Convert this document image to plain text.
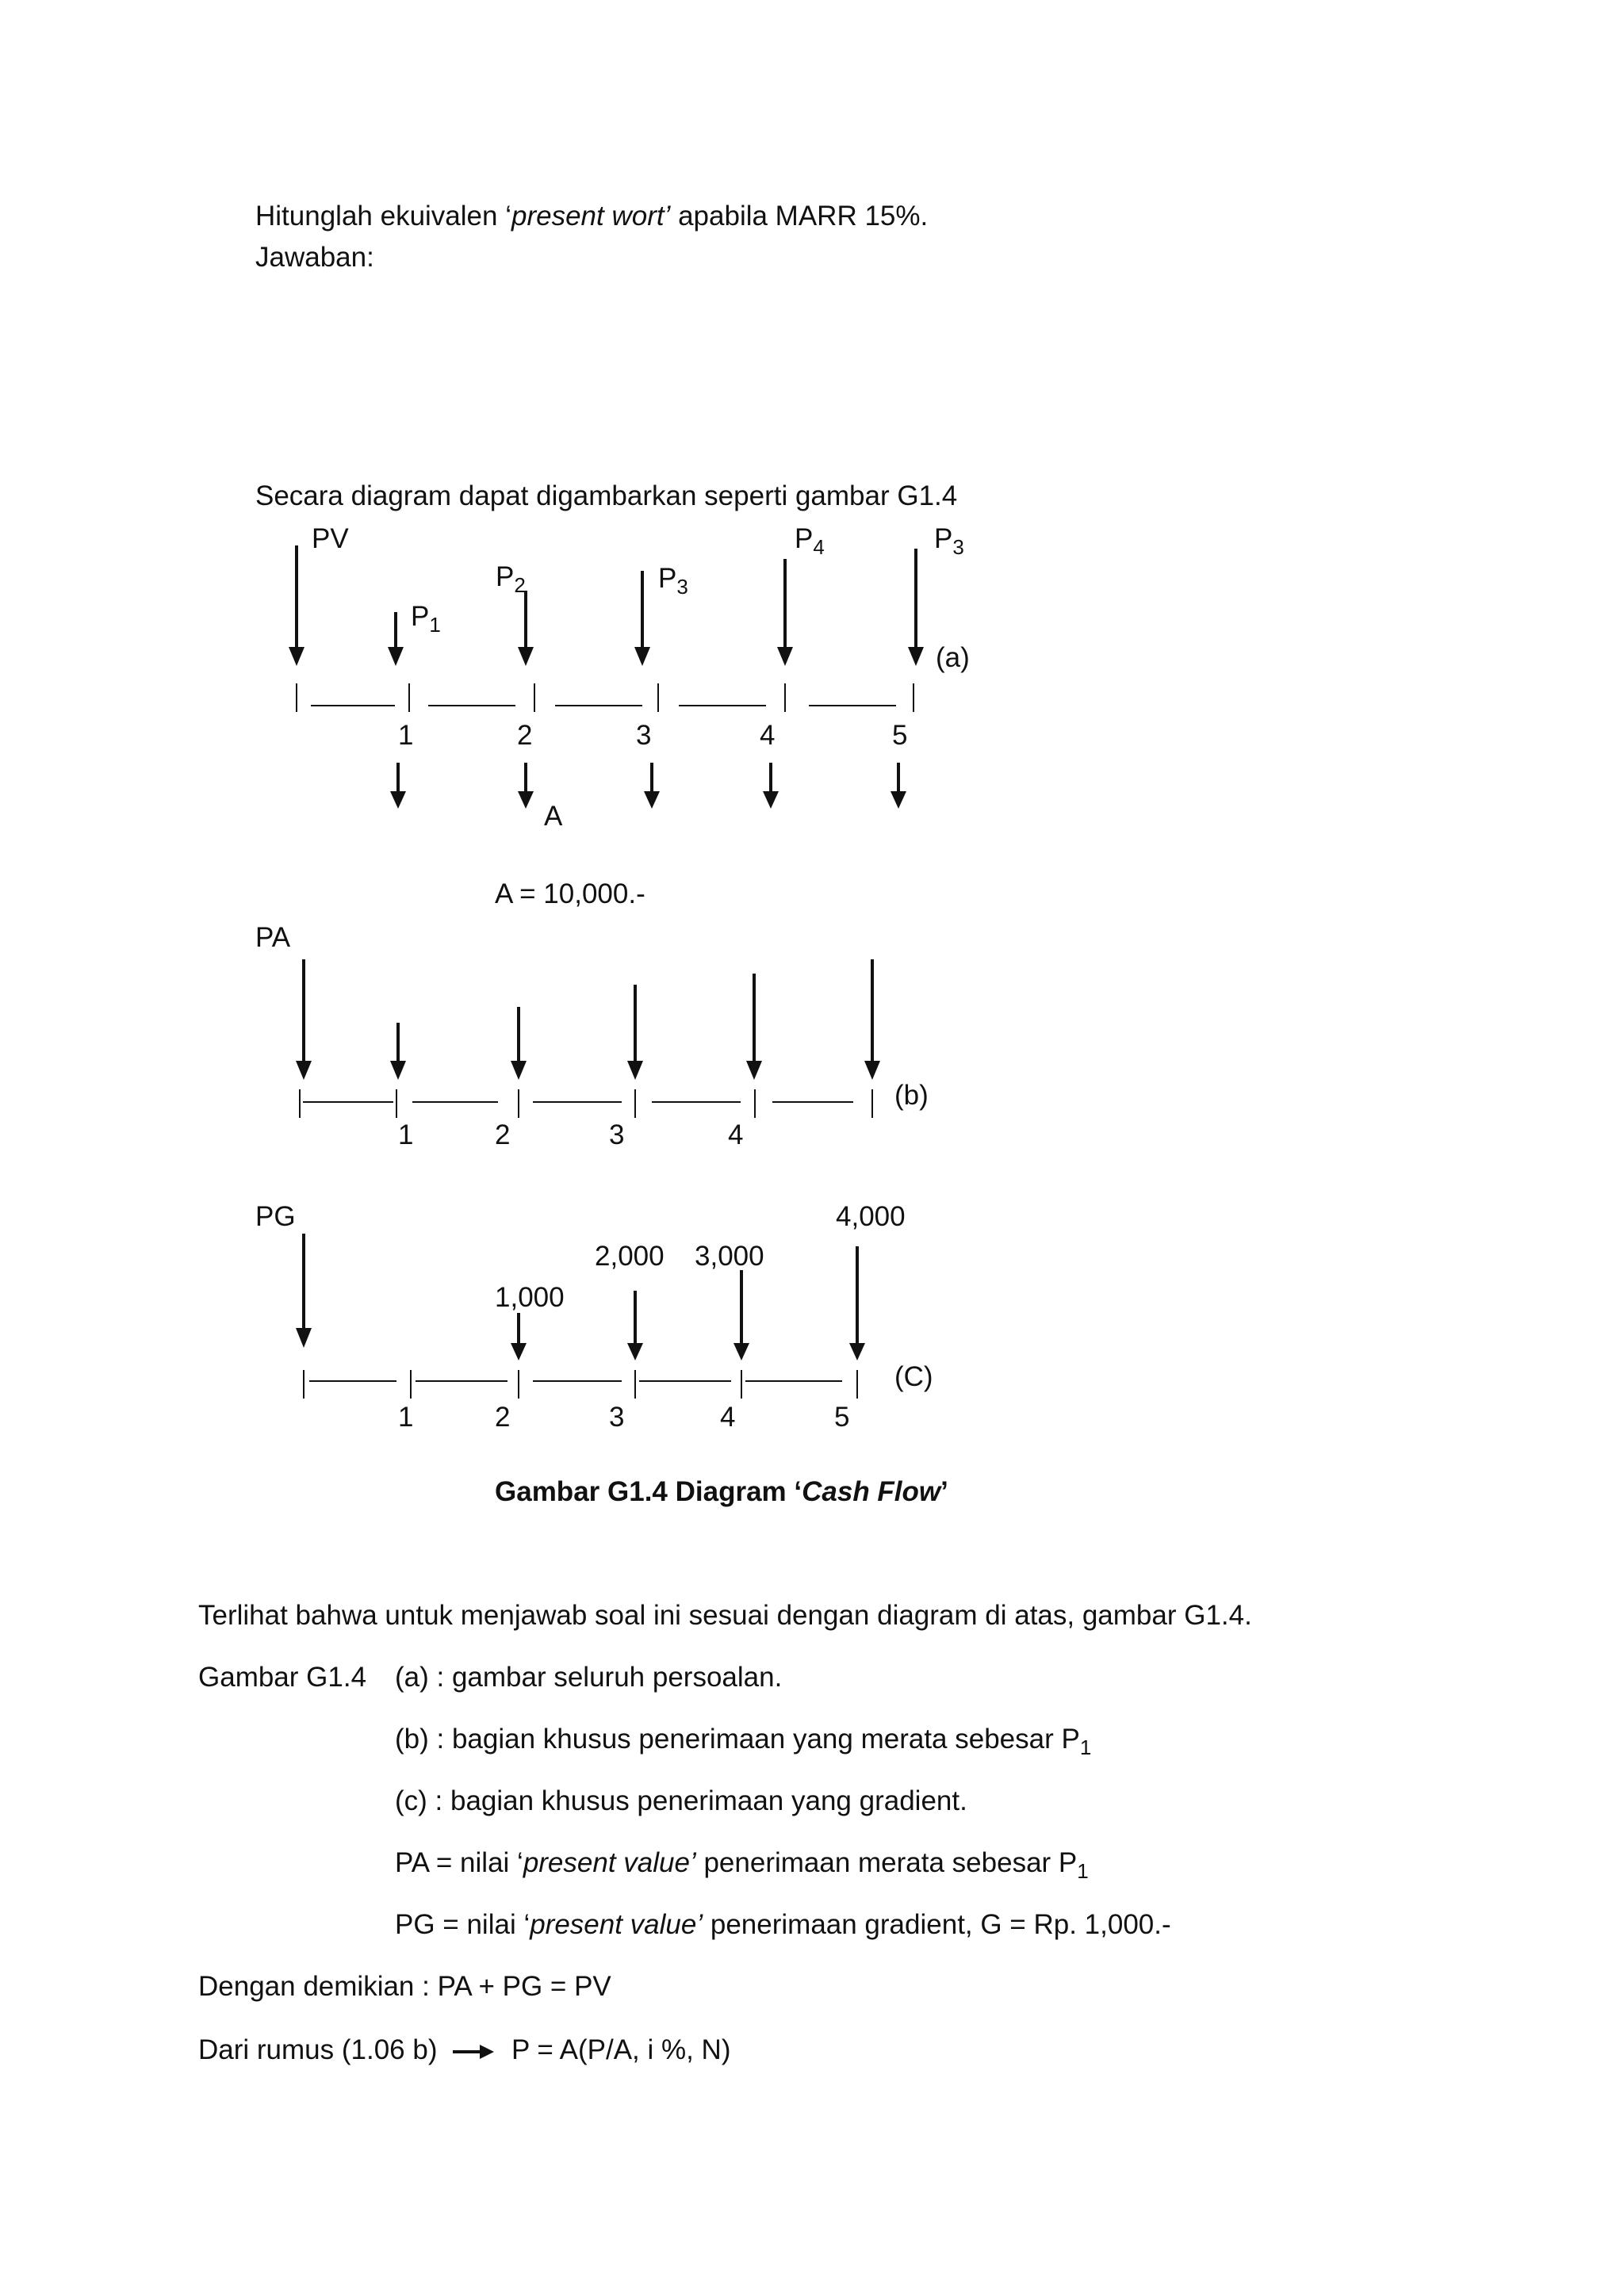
Hitunglah ekuivalen ‘present wort’ apabila MARR 15%.
Jawaban:
Secara diagram dapat digambarkan seperti gambar G1.4
PV
$P_1$
$P_2$	$P_3$
$P_4$	$P_3$
(a)
1	2	3	4	5
A
A = 10,000.-
PA
(b)
1	2	3	4
PG
1,000
2,000 3,000
4,000
(C)
1	2	3	4	5
Gambar G1.4 Diagram ‘Cash Flow’
Terlihat bahwa untuk menjawab soal ini sesuai dengan diagram di atas, gambar G1.4.
Gambar G1.4 (a) : gambar seluruh persoalan.
(b) : bagian khusus penerimaan yang merata sebesar $P_1$
(c) : bagian khusus penerimaan yang gradient.
PA = nilai ‘present value’ penerimaan merata sebesar $P_1$
PG = nilai ‘present value’ penerimaan gradient, G = Rp. 1,000.-
Dengan demikian : PA + PG = PV
Dari rumus (1.06 b)	P = A(P/A, i %, N)
